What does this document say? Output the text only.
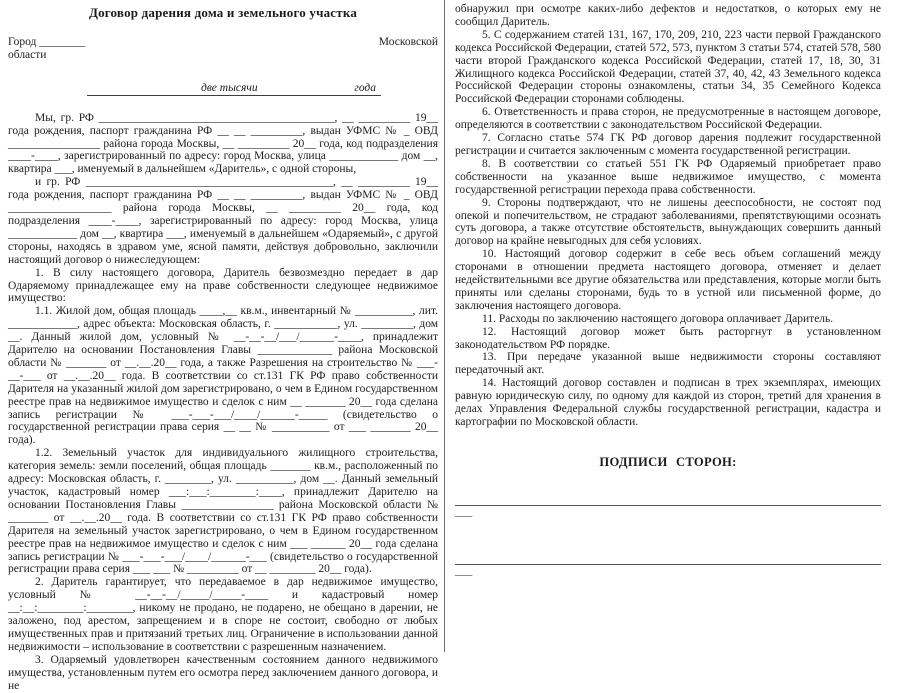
Договор дарения дома и земельного участка
Город ________	Московской
области
две тысячи	года

Мы, гр. РФ _________________________________________, __ _________ 19__ года рождения, паспорт гражданина РФ __ __ _________, выдан УФМС № _ ОВД ________________ района города Москвы, __ _________ 20__ года, код подразделения ____-____, зарегистрированный по адресу: город Москва, улица ____________ дом __, квартира ___, именуемый в дальнейшем «Даритель», с одной стороны,

и гр. РФ ___________________________________________, __ _________ 19__ года рождения, паспорт гражданина РФ __ __ _________, выдан УФМС № _ ОВД __________________ района города Москвы, __ _________ 20__ года, код подразделения ____-____, зарегистрированный по адресу: город Москва, улица ____________ дом __, квартира ___, именуемый в дальнейшем «Одаряемый», с другой стороны, находясь в здравом уме, ясной памяти, действуя добровольно, заключили настоящий договор о нижеследующем:

1. В силу настоящего договора, Даритель безвозмездно передает в дар Одаряемому принадлежащее ему на праве собственности следующее недвижимое имущество:

1.1. Жилой дом, общая площадь ____,__ кв.м., инвентарный № __________, лит. ____________, адрес объекта: Московская область, г. ___________, ул. _________, дом __. Данный жилой дом, условный № __-__-__/___/______-____, принадлежит Дарителю на основании Постановления Главы _____________ района Московской области № _______ от __.__.20__ года, а также Разрешения на строительство № ___-__-___ от __.__.20__ года. В соответствии со ст.131 ГК РФ право собственности Дарителя на указанный жилой дом зарегистрировано, о чем в Едином государственном реестре прав на недвижимое имущество и сделок с ним __ _______ 20__ года сделана запись регистрации № ___-___-___/____/______-_____ (свидетельство о государственной регистрации права серия __ __ № __________ от ___ _______ 20__ года).

1.2. Земельный участок для индивидуального жилищного строительства, категория земель: земли поселений, общая площадь _______ кв.м., расположенный по адресу: Московская область, г. ________, ул. __________, дом __. Данный земельный участок, кадастровый номер ___:___:________:____, принадлежит Дарителю на основании Постановления Главы ________________ района Московской области № _______ от __.__.20__ года. В соответствии со ст.131 ГК РФ право собственности Дарителя на земельный участок зарегистрировано, о чем в Едином государственном реестре прав на недвижимое имущество и сделок с ним ___ ______ 20__ года сделана запись регистрации № ___-___-___/____/______-___ (свидетельство о государственной регистрации права серия ___ ___ № _________ от __ ________ 20__ года).

2. Даритель гарантирует, что передаваемое в дар недвижимое имущество, условный № __-__-__/_____/_____-____ и кадастровый номер __:__:________:________, никому не продано, не подарено, не обещано в дарении, не заложено, под арестом, запрещением и в споре не состоит, свободно от любых имущественных прав и притязаний третьих лиц. Ограничение в использовании данной недвижимости – использование в соответствии с разрешенным назначением.

3. Одаряемый удовлетворен качественным состоянием данного недвижимого имущества, установленным путем его осмотра перед заключением данного договора, и не

обнаружил при осмотре каких-либо дефектов и недостатков, о которых ему не сообщил Даритель.

5. С содержанием статей 131, 167, 170, 209, 210, 223 части первой Гражданского кодекса Российской Федерации, статей 572, 573, пунктом 3 статьи 574, статей 578, 580 части второй Гражданского кодекса Российской Федерации, статей 17, 18, 30, 31 Жилищного кодекса Российской Федерации, статей 37, 40, 42, 43 Земельного кодекса Российской Федерации стороны ознакомлены, статьи 34, 35 Семейного Кодекса Российской Федерации сторонами соблюдены.

6. Ответственность и права сторон, не предусмотренные в настоящем договоре, определяются в соответствии с законодательством Российской Федерации.

7. Согласно статье 574 ГК РФ договор дарения подлежит государственной регистрации и считается заключенным с момента государственной регистрации.

8. В соответствии со статьей 551 ГК РФ Одаряемый приобретает право собственности на указанное выше недвижимое имущество, с момента государственной регистрации перехода права собственности.

9. Стороны подтверждают, что не лишены дееспособности, не состоят под опекой и попечительством, не страдают заболеваниями, препятствующими осознать суть договора, а также отсутствие обстоятельств, вынуждающих совершить данный договор на крайне невыгодных для себя условиях.

10. Настоящий договор содержит в себе весь объем соглашений между сторонами в отношении предмета настоящего договора, отменяет и делает недействительными все другие обязательства или представления, которые могли быть приняты или сделаны сторонами, будь то в устной или письменной форме, до заключения настоящего договора.

11. Расходы по заключению настоящего договора оплачивает Даритель.

12. Настоящий договор может быть расторгнут в установленном законодательством РФ порядке.

13. При передаче указанной выше недвижимости стороны составляют передаточный акт.

14. Настоящий договор составлен и подписан в трех экземплярах, имеющих равную юридическую силу, по одному для каждой из сторон, третий для хранения в делах Управления Федеральной службы государственной регистрации, кадастра и картографии по Московской области.

ПОДПИСИ СТОРОН:
___
___
